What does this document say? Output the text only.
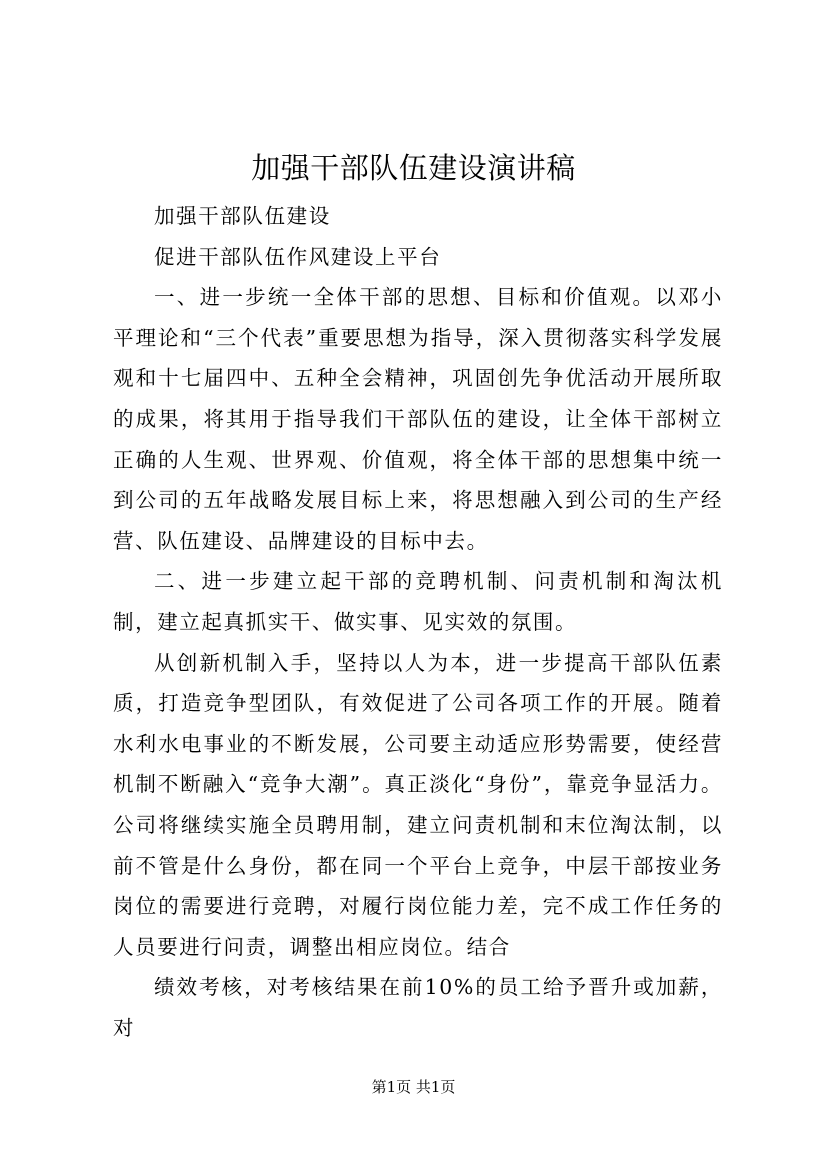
加强干部队伍建设演讲稿

加强干部队伍建设

促进干部队伍作风建设上平台

一、进一步统一全体干部的思想、目标和价值观。以邓小平理论和“三个代表”重要思想为指导，深入贯彻落实科学发展观和十七届四中、五种全会精神，巩固创先争优活动开展所取的成果，将其用于指导我们干部队伍的建设，让全体干部树立正确的人生观、世界观、价值观，将全体干部的思想集中统一到公司的五年战略发展目标上来，将思想融入到公司的生产经营、队伍建设、品牌建设的目标中去。

二、进一步建立起干部的竞聘机制、问责机制和淘汰机制，建立起真抓实干、做实事、见实效的氛围。

从创新机制入手，坚持以人为本，进一步提高干部队伍素质，打造竞争型团队，有效促进了公司各项工作的开展。随着水利水电事业的不断发展，公司要主动适应形势需要，使经营机制不断融入“竞争大潮”。真正淡化“身份”，靠竞争显活力。公司将继续实施全员聘用制，建立问责机制和末位淘汰制，以前不管是什么身份，都在同一个平台上竞争，中层干部按业务岗位的需要进行竞聘，对履行岗位能力差，完不成工作任务的人员要进行问责，调整出相应岗位。结合

绩效考核，对考核结果在前10%的员工给予晋升或加薪，对

第1页 共1页
